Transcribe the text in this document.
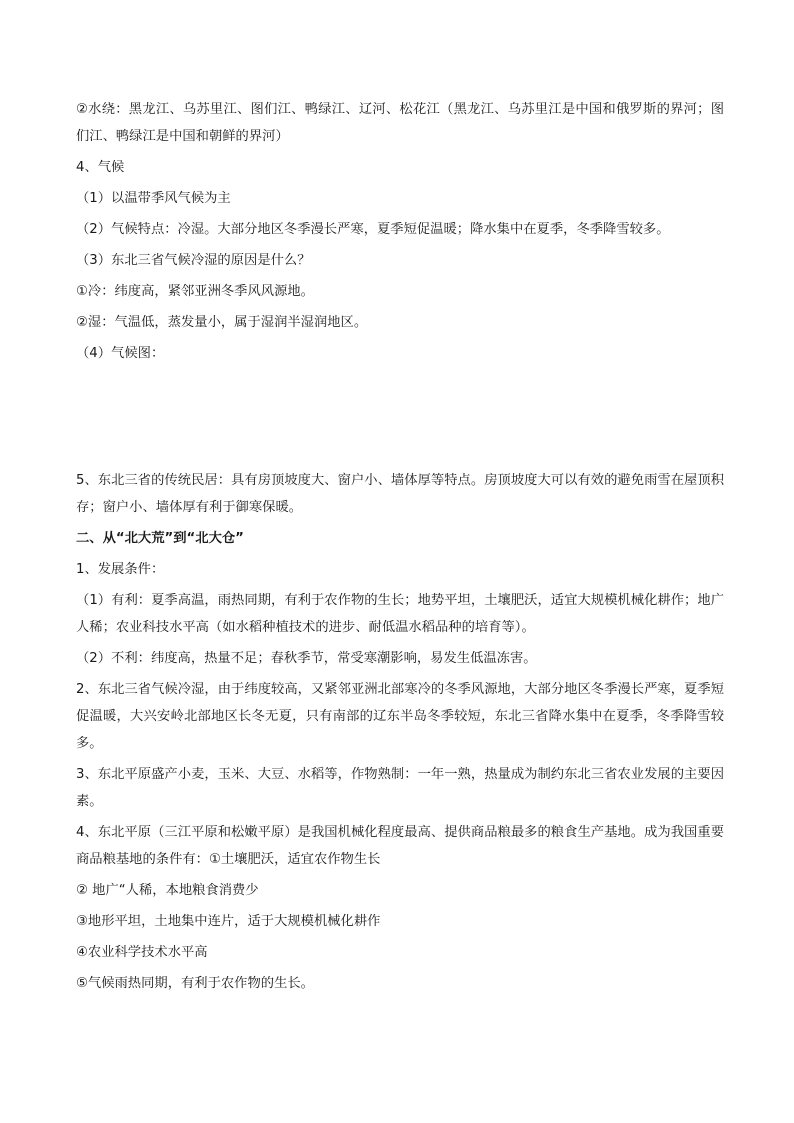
②水绕：黑龙江、乌苏里江、图们江、鸭绿江、辽河、松花江（黑龙江、乌苏里江是中国和俄罗斯的界河；图们江、鸭绿江是中国和朝鲜的界河）

4、气候

（1）以温带季风气候为主

（2）气候特点：冷湿。大部分地区冬季漫长严寒，夏季短促温暖；降水集中在夏季，冬季降雪较多。

（3）东北三省气候冷湿的原因是什么？

①冷：纬度高，紧邻亚洲冬季风风源地。

②湿：气温低，蒸发量小，属于湿润半湿润地区。

（4）气候图：

5、东北三省的传统民居：具有房顶坡度大、窗户小、墙体厚等特点。房顶坡度大可以有效的避免雨雪在屋顶积存；窗户小、墙体厚有利于御寒保暖。

二、从“北大荒”到“北大仓”

1、发展条件：

（1）有利：夏季高温，雨热同期，有利于农作物的生长；地势平坦，土壤肥沃，适宜大规模机械化耕作；地广人稀；农业科技水平高（如水稻种植技术的进步、耐低温水稻品种的培育等）。

（2）不利：纬度高，热量不足；春秋季节，常受寒潮影响，易发生低温冻害。

2、东北三省气候冷湿，由于纬度较高，又紧邻亚洲北部寒冷的冬季风源地，大部分地区冬季漫长严寒，夏季短促温暖，大兴安岭北部地区长冬无夏，只有南部的辽东半岛冬季较短，东北三省降水集中在夏季，冬季降雪较多。

3、东北平原盛产小麦，玉米、大豆、水稻等，作物熟制：一年一熟，热量成为制约东北三省农业发展的主要因素。

4、东北平原（三江平原和松嫩平原）是我国机械化程度最高、提供商品粮最多的粮食生产基地。成为我国重要商品粮基地的条件有：①土壤肥沃，适宜农作物生长

② 地广“人稀，本地粮食消费少

③地形平坦，土地集中连片，适于大规模机械化耕作

④农业科学技术水平高

⑤气候雨热同期，有利于农作物的生长。
